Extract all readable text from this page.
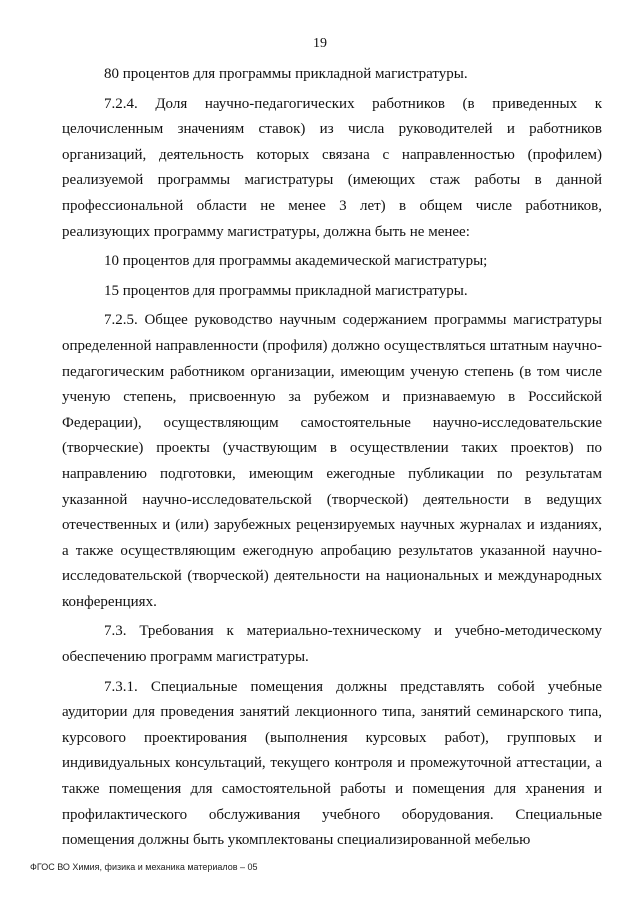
19

80 процентов для программы прикладной магистратуры.

7.2.4. Доля научно-педагогических работников (в приведенных к целочисленным значениям ставок) из числа руководителей и работников организаций, деятельность которых связана с направленностью (профилем) реализуемой программы магистратуры (имеющих стаж работы в данной профессиональной области не менее 3 лет) в общем числе работников, реализующих программу магистратуры, должна быть не менее:

10 процентов для программы академической магистратуры;

15 процентов для программы прикладной магистратуры.

7.2.5. Общее руководство научным содержанием программы магистратуры определенной направленности (профиля) должно осуществляться штатным научно-педагогическим работником организации, имеющим ученую степень (в том числе ученую степень, присвоенную за рубежом и признаваемую в Российской Федерации), осуществляющим самостоятельные научно-исследовательские (творческие) проекты (участвующим в осуществлении таких проектов) по направлению подготовки, имеющим ежегодные публикации по результатам указанной научно-исследовательской (творческой) деятельности в ведущих отечественных и (или) зарубежных рецензируемых научных журналах и изданиях, а также осуществляющим ежегодную апробацию результатов указанной научно-исследовательской (творческой) деятельности на национальных и международных конференциях.

7.3. Требования к материально-техническому и учебно-методическому обеспечению программ магистратуры.

7.3.1. Специальные помещения должны представлять собой учебные аудитории для проведения занятий лекционного типа, занятий семинарского типа, курсового проектирования (выполнения курсовых работ), групповых и индивидуальных консультаций, текущего контроля и промежуточной аттестации, а также помещения для самостоятельной работы и помещения для хранения и профилактического обслуживания учебного оборудования. Специальные помещения должны быть укомплектованы специализированной мебелью

ФГОС ВО Химия, физика и механика материалов – 05
